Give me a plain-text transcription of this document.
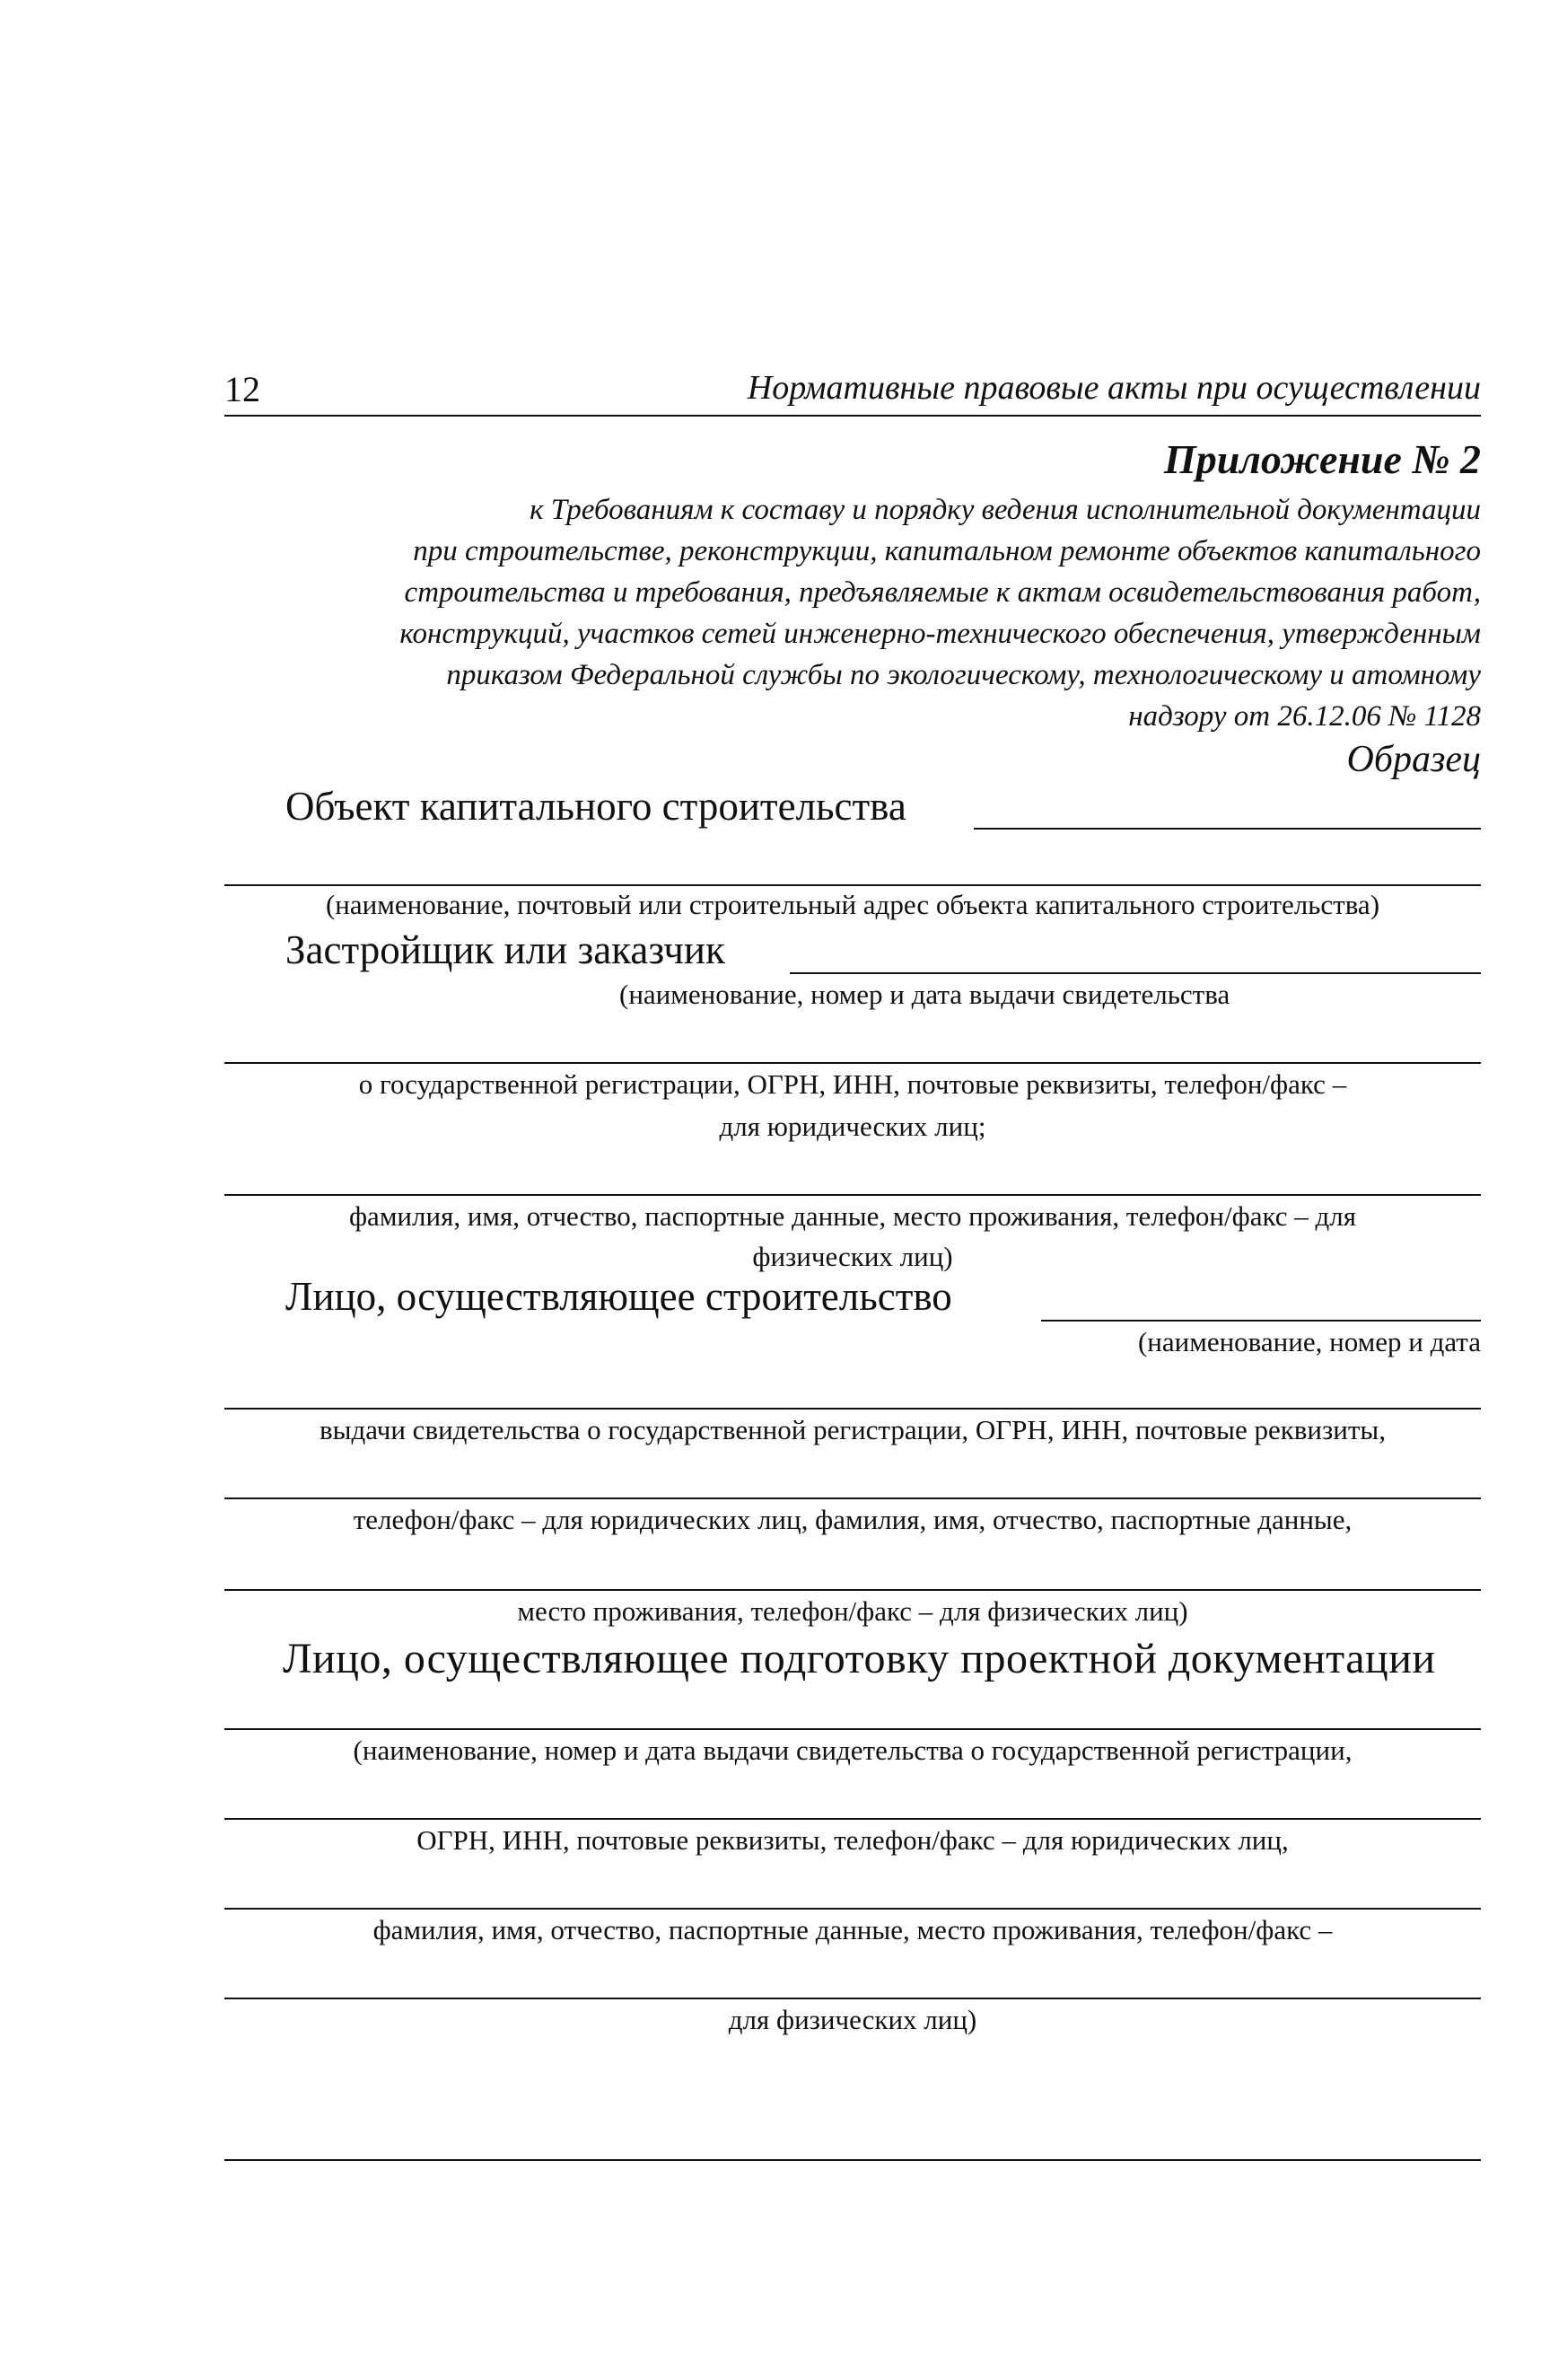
12	Нормативные правовые акты при осуществлении
Приложение № 2
к Требованиям к составу и порядку ведения исполнительной документации
при строительстве, реконструкции, капитальном ремонте объектов капитального
строительства и требования, предъявляемые к актам освидетельствования работ,
конструкций, участков сетей инженерно-технического обеспечения, утвержденным
приказом Федеральной службы по экологическому, технологическому и атомному
надзору от 26.12.06 № 1128
Образец
Объект капитального строительства
(наименование, почтовый или строительный адрес объекта капитального строительства)
Застройщик или заказчик
(наименование, номер и дата выдачи свидетельства
о государственной регистрации, ОГРН, ИНН, почтовые реквизиты, телефон/факс –
для юридических лиц;
фамилия, имя, отчество, паспортные данные, место проживания, телефон/факс – для
физических лиц)
Лицо, осуществляющее строительство
(наименование, номер и дата
выдачи свидетельства о государственной регистрации, ОГРН, ИНН, почтовые реквизиты,
телефон/факс – для юридических лиц, фамилия, имя, отчество, паспортные данные,
место проживания, телефон/факс – для физических лиц)
Лицо, осуществляющее подготовку проектной документации
(наименование, номер и дата выдачи свидетельства о государственной регистрации,
ОГРН, ИНН, почтовые реквизиты, телефон/факс – для юридических лиц,
фамилия, имя, отчество, паспортные данные, место проживания, телефон/факс –
для физических лиц)
